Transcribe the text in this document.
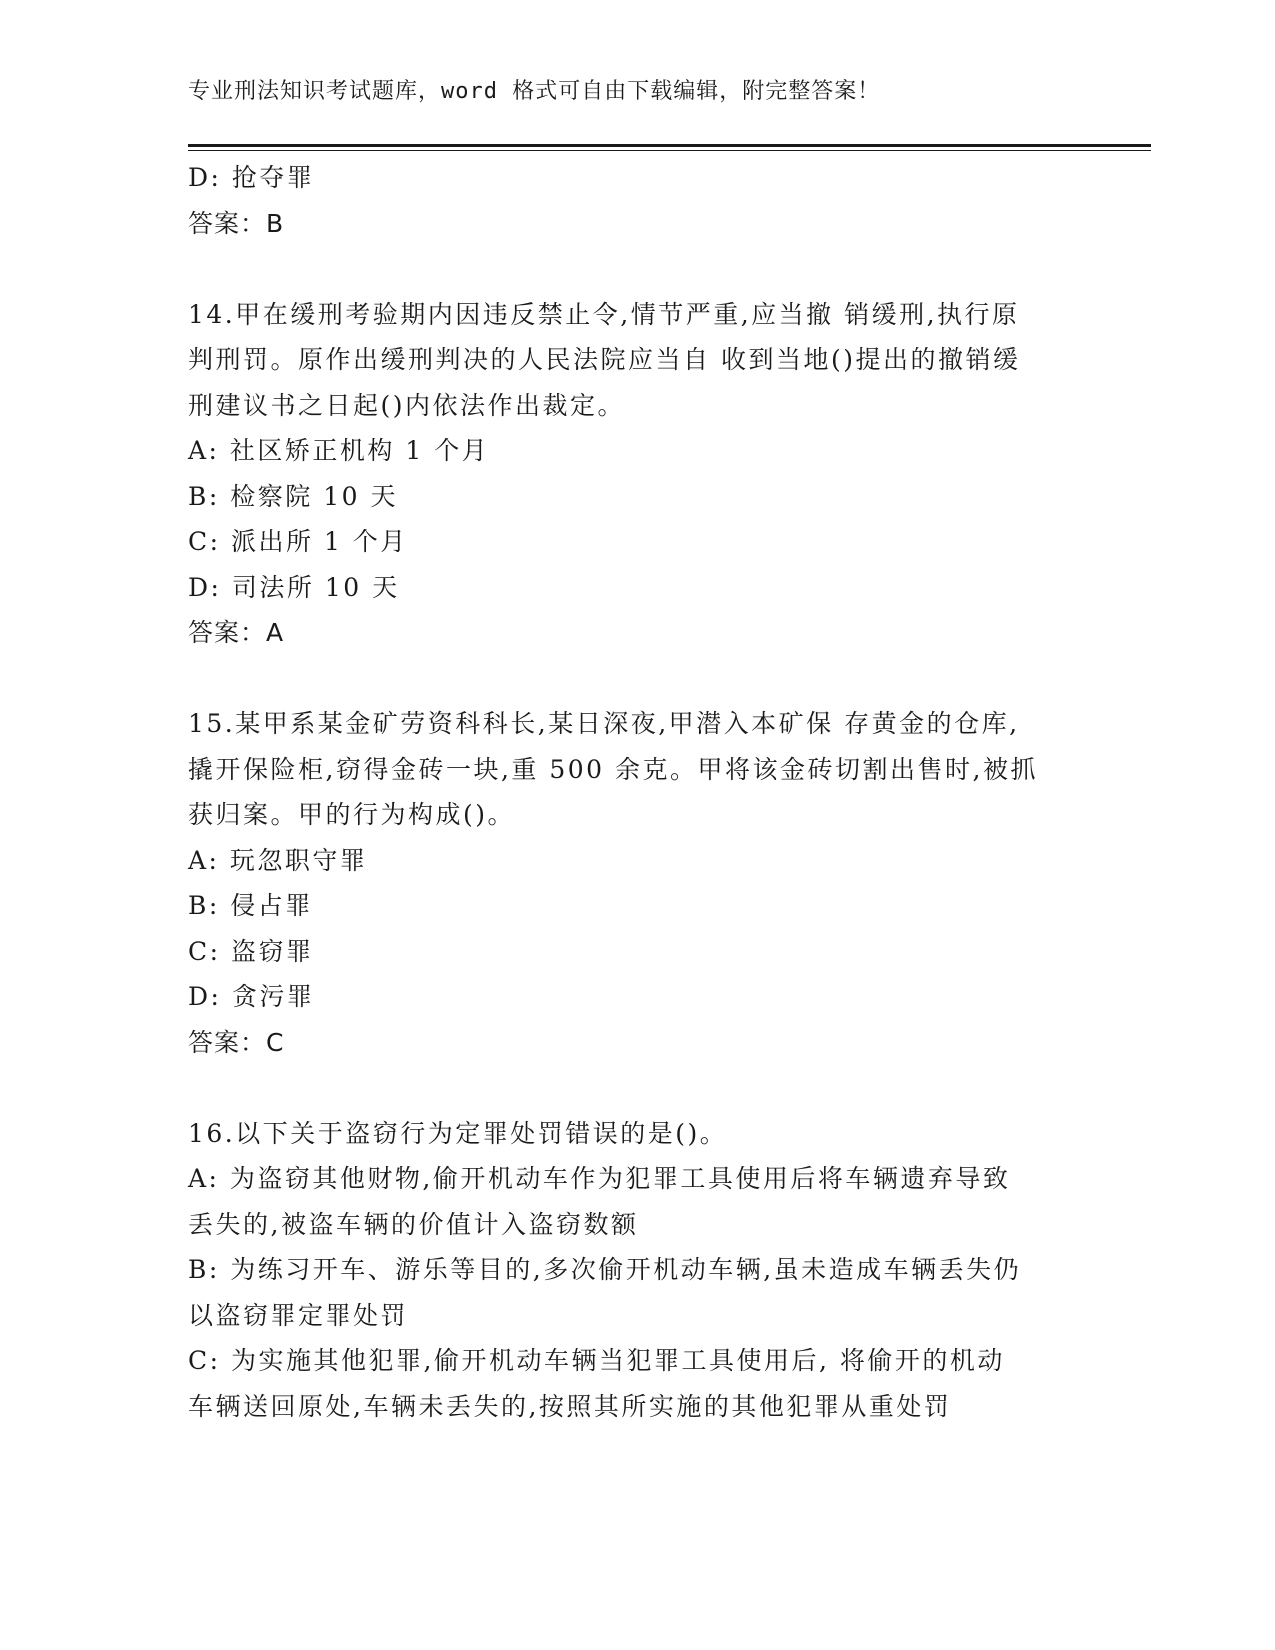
专业刑法知识考试题库，word 格式可自由下载编辑，附完整答案！
D: 抢夺罪
答案：B
14.甲在缓刑考验期内因违反禁止令,情节严重,应当撤 销缓刑,执行原
判刑罚。原作出缓刑判决的人民法院应当自 收到当地()提出的撤销缓
刑建议书之日起()内依法作出裁定。
A: 社区矫正机构 1 个月
B: 检察院 10 天
C: 派出所 1 个月
D: 司法所 10 天
答案：A
15.某甲系某金矿劳资科科长,某日深夜,甲潜入本矿保 存黄金的仓库,
撬开保险柜,窃得金砖一块,重 500 余克。甲将该金砖切割出售时,被抓
获归案。甲的行为构成()。
A: 玩忽职守罪
B: 侵占罪
C: 盗窃罪
D: 贪污罪
答案：C
16.以下关于盗窃行为定罪处罚错误的是()。
A: 为盗窃其他财物,偷开机动车作为犯罪工具使用后将车辆遗弃导致
丢失的,被盗车辆的价值计入盗窃数额
B: 为练习开车、游乐等目的,多次偷开机动车辆,虽未造成车辆丢失仍
以盗窃罪定罪处罚
C: 为实施其他犯罪,偷开机动车辆当犯罪工具使用后, 将偷开的机动
车辆送回原处,车辆未丢失的,按照其所实施的其他犯罪从重处罚
